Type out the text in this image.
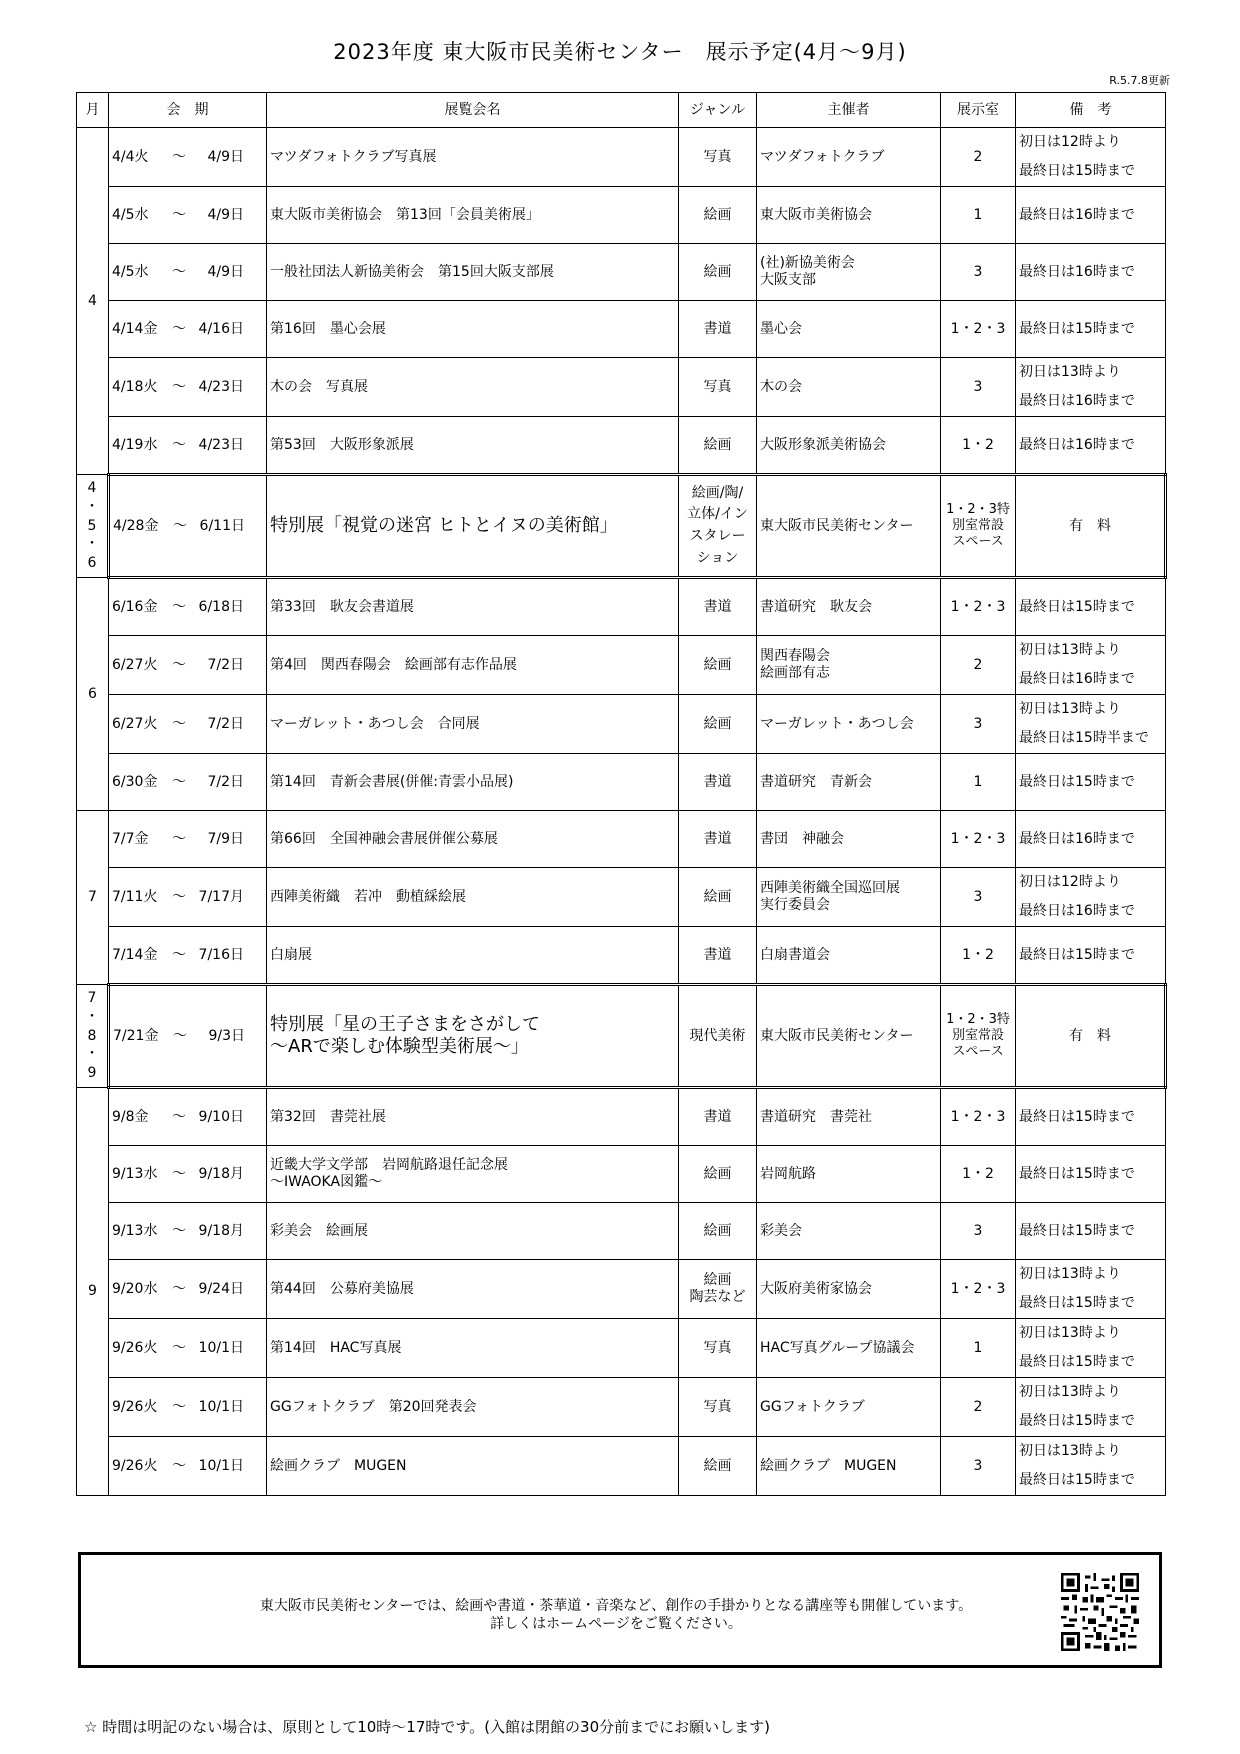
2023年度 東大阪市民美術センター　展示予定(4月～9月)
R.5.7.8更新
月	会　期	展覧会名	ジャンル	主催者	展示室	備　考

4	4/4火 ～ 4/9日	マツダフォトクラブ写真展	写真	マツダフォトクラブ	2	初日は12時より
最終日は15時まで

	4/5水 ～ 4/9日	東大阪市美術協会　第13回「会員美術展」	絵画	東大阪市美術協会	1	最終日は16時まで
	4/5水 ～ 4/9日	一般社団法人新協美術会　第15回大阪支部展	絵画	(社)新協美術会
大阪支部	3	最終日は16時まで
	4/14金 ～ 4/16日	第16回　墨心会展	書道	墨心会	1・2・3	最終日は15時まで
	4/18火 ～ 4/23日	木の会　写真展	写真	木の会	3	初日は13時より
最終日は16時まで

	4/19水 ～ 4/23日	第53回　大阪形象派展	絵画	大阪形象派美術協会	1・2	最終日は16時まで

4
・
5
・
6	4/28金 ～ 6/11日	特別展「視覚の迷宮 ヒトとイヌの美術館」	絵画/陶/
立体/イン
スタレー
ション	東大阪市民美術センター	1・2・3特
別室常設
スペース	有　料

6	6/16金 ～ 6/18日	第33回　耿友会書道展	書道	書道研究　耿友会	1・2・3	最終日は15時まで
	6/27火 ～ 7/2日	第4回　関西春陽会　絵画部有志作品展	絵画	関西春陽会
絵画部有志	2	初日は13時より
最終日は16時まで

	6/27火 ～ 7/2日	マーガレット・あつし会　合同展	絵画	マーガレット・あつし会	3	初日は13時より
最終日は15時半まで

	6/30金 ～ 7/2日	第14回　青新会書展(併催:青雲小品展)	書道	書道研究　青新会	1	最終日は15時まで

7	7/7金 ～ 7/9日	第66回　全国神融会書展併催公募展	書道	書団　神融会	1・2・3	最終日は16時まで
	7/11火 ～ 7/17月	西陣美術織　若冲　動植綵絵展	絵画	西陣美術織全国巡回展
実行委員会	3	初日は12時より
最終日は16時まで

	7/14金 ～ 7/16日	白扇展	書道	白扇書道会	1・2	最終日は15時まで

7
・
8
・
9	7/21金 ～ 9/3日	特別展「星の王子さまをさがして
～ARで楽しむ体験型美術展～」	現代美術	東大阪市民美術センター	1・2・3特
別室常設
スペース	有　料

9	9/8金 ～ 9/10日	第32回　書莞社展	書道	書道研究　書莞社	1・2・3	最終日は15時まで
	9/13水 ～ 9/18月	近畿大学文学部　岩岡航路退任記念展
～IWAOKA図鑑～	絵画	岩岡航路	1・2	最終日は15時まで
	9/13水 ～ 9/18月	彩美会　絵画展	絵画	彩美会	3	最終日は15時まで
	9/20水 ～ 9/24日	第44回　公募府美協展	絵画
陶芸など	大阪府美術家協会	1・2・3	初日は13時より
最終日は15時まで

	9/26火 ～ 10/1日	第14回　HAC写真展	写真	HAC写真グループ協議会	1	初日は13時より
最終日は15時まで

	9/26火 ～ 10/1日	GGフォトクラブ　第20回発表会	写真	GGフォトクラブ	2	初日は13時より
最終日は15時まで

	9/26火 ～ 10/1日	絵画クラブ　MUGEN	絵画	絵画クラブ　MUGEN	3	初日は13時より
最終日は15時まで
東大阪市民美術センターでは、絵画や書道・茶華道・音楽など、創作の手掛かりとなる講座等も開催しています。
詳しくはホームページをご覧ください。
☆ 時間は明記のない場合は、原則として10時～17時です。(入館は閉館の30分前までにお願いします)
